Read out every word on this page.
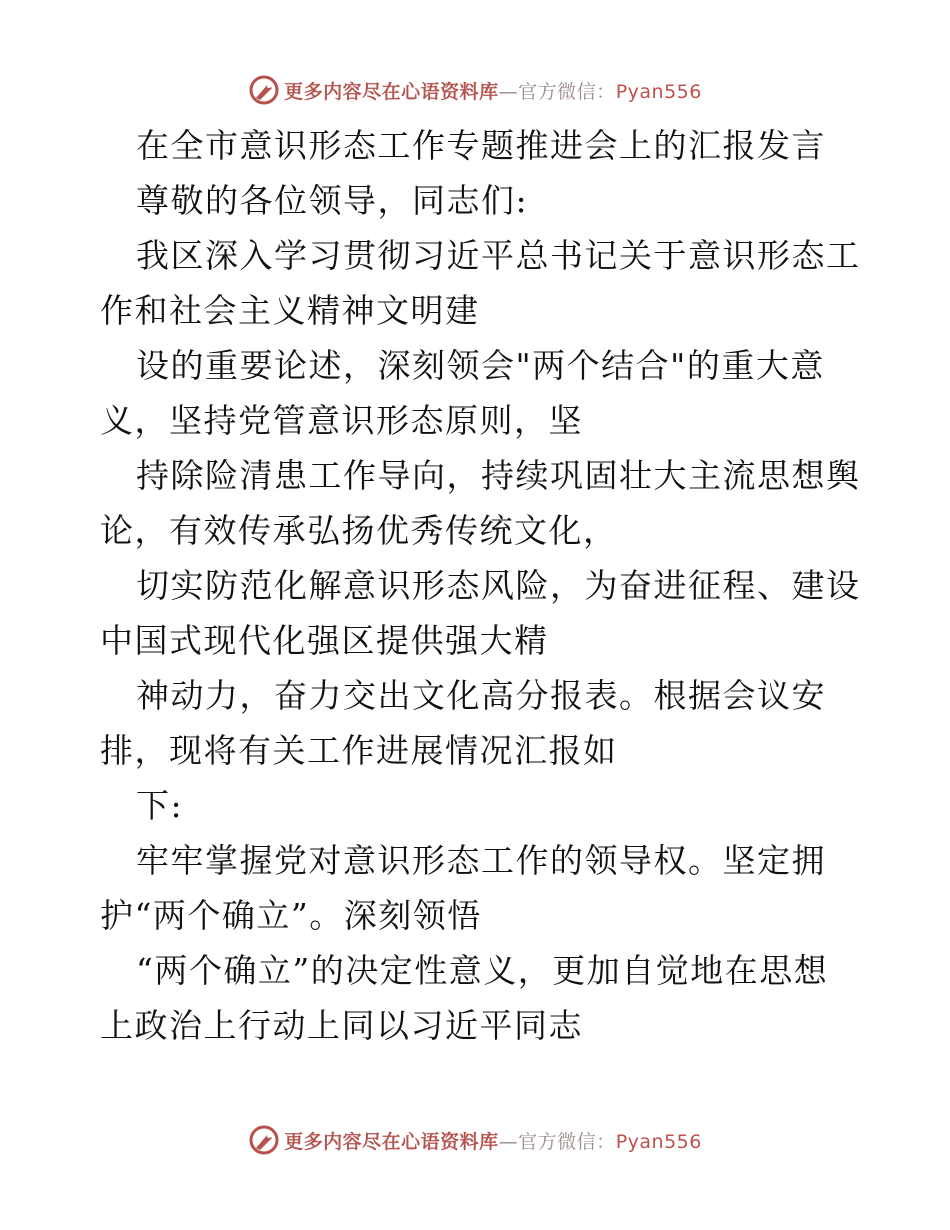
更多内容尽在心语资料库—官方微信：Pyan556
在全市意识形态工作专题推进会上的汇报发言
尊敬的各位领导，同志们:
我区深入学习贯彻习近平总书记关于意识形态工
作和社会主义精神文明建
设的重要论述，深刻领会"两个结合"的重大意
义，坚持党管意识形态原则，坚
持除险清患工作导向，持续巩固壮大主流思想舆
论，有效传承弘扬优秀传统文化，
切实防范化解意识形态风险，为奋进征程、建设
中国式现代化强区提供强大精
神动力，奋力交出文化高分报表。根据会议安
排，现将有关工作进展情况汇报如
下:
牢牢掌握党对意识形态工作的领导权。坚定拥
护“两个确立”。深刻领悟
“两个确立”的决定性意义，更加自觉地在思想
上政治上行动上同以习近平同志
更多内容尽在心语资料库—官方微信：Pyan556
